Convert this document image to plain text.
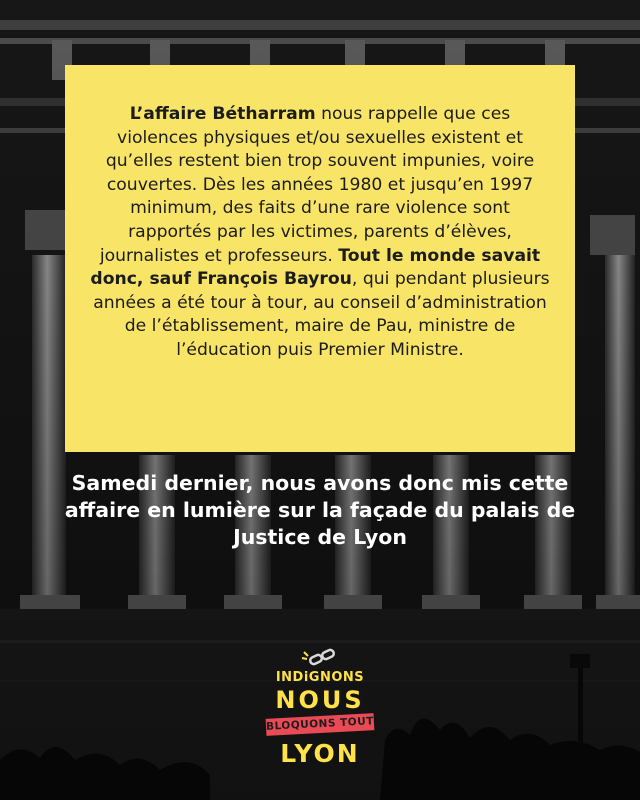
L’affaire Bétharram nous rappelle que ces violences physiques et/ou sexuelles existent et qu’elles restent bien trop souvent impunies, voire couvertes. Dès les années 1980 et jusqu’en 1997 minimum, des faits d’une rare violence sont rapportés par les victimes, parents d’élèves, journalistes et professeurs. Tout le monde savait donc, sauf François Bayrou, qui pendant plusieurs années a été tour à tour, au conseil d’administration de l’établissement, maire de Pau, ministre de l’éducation puis Premier Ministre.
Samedi dernier, nous avons donc mis cette affaire en lumière sur la façade du palais de Justice de Lyon
INDiGNONS
NOUS
BLOQUONS TOUT
LYON
